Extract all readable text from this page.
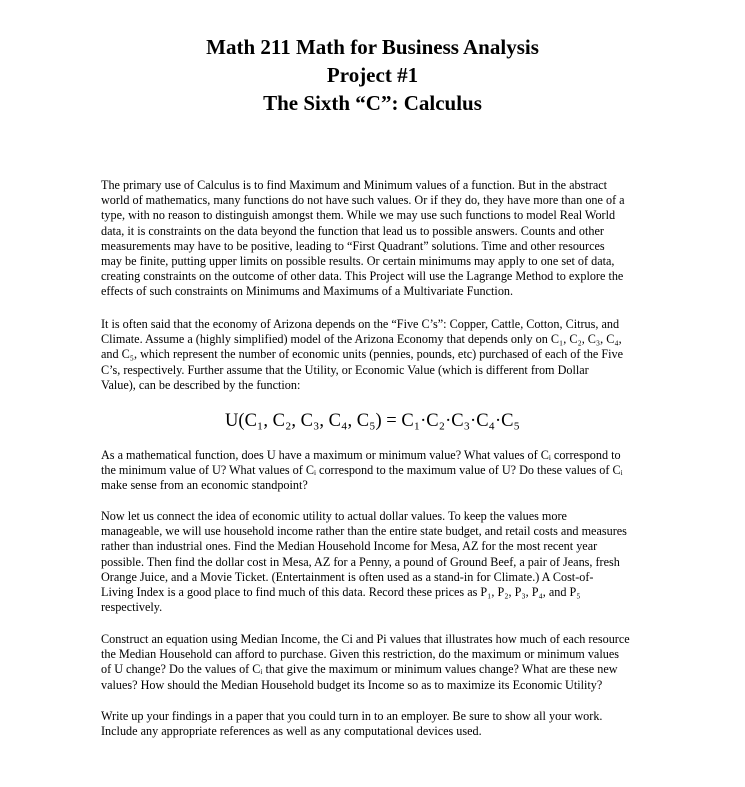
Math 211 Math for Business Analysis
Project #1
The Sixth “C”: Calculus

The primary use of Calculus is to find Maximum and Minimum values of a function. But in the abstract
world of mathematics, many functions do not have such values. Or if they do, they have more than one of a
type, with no reason to distinguish amongst them. While we may use such functions to model Real World
data, it is constraints on the data beyond the function that lead us to possible answers. Counts and other
measurements may have to be positive, leading to “First Quadrant” solutions. Time and other resources
may be finite, putting upper limits on possible results. Or certain minimums may apply to one set of data,
creating constraints on the outcome of other data. This Project will use the Lagrange Method to explore the
effects of such constraints on Minimums and Maximums of a Multivariate Function.

It is often said that the economy of Arizona depends on the “Five C’s”: Copper, Cattle, Cotton, Citrus, and
Climate. Assume a (highly simplified) model of the Arizona Economy that depends only on C₁, C₂, C₃, C₄,
and C₅, which represent the number of economic units (pennies, pounds, etc) purchased of each of the Five
C’s, respectively. Further assume that the Utility, or Economic Value (which is different from Dollar
Value), can be described by the function:

U(C₁, C₂, C₃, C₄, C₅) = C₁·C₂·C₃·C₄·C₅

As a mathematical function, does U have a maximum or minimum value? What values of Cᵢ correspond to
the minimum value of U? What values of Cᵢ correspond to the maximum value of U? Do these values of Cᵢ
make sense from an economic standpoint?

Now let us connect the idea of economic utility to actual dollar values. To keep the values more
manageable, we will use household income rather than the entire state budget, and retail costs and measures
rather than industrial ones. Find the Median Household Income for Mesa, AZ for the most recent year
possible. Then find the dollar cost in Mesa, AZ for a Penny, a pound of Ground Beef, a pair of Jeans, fresh
Orange Juice, and a Movie Ticket. (Entertainment is often used as a stand-in for Climate.) A Cost-of-
Living Index is a good place to find much of this data. Record these prices as P₁, P₂, P₃, P₄, and P₅
respectively.

Construct an equation using Median Income, the Ci and Pi values that illustrates how much of each resource
the Median Household can afford to purchase. Given this restriction, do the maximum or minimum values
of U change? Do the values of Cᵢ that give the maximum or minimum values change? What are these new
values? How should the Median Household budget its Income so as to maximize its Economic Utility?

Write up your findings in a paper that you could turn in to an employer. Be sure to show all your work.
Include any appropriate references as well as any computational devices used.
